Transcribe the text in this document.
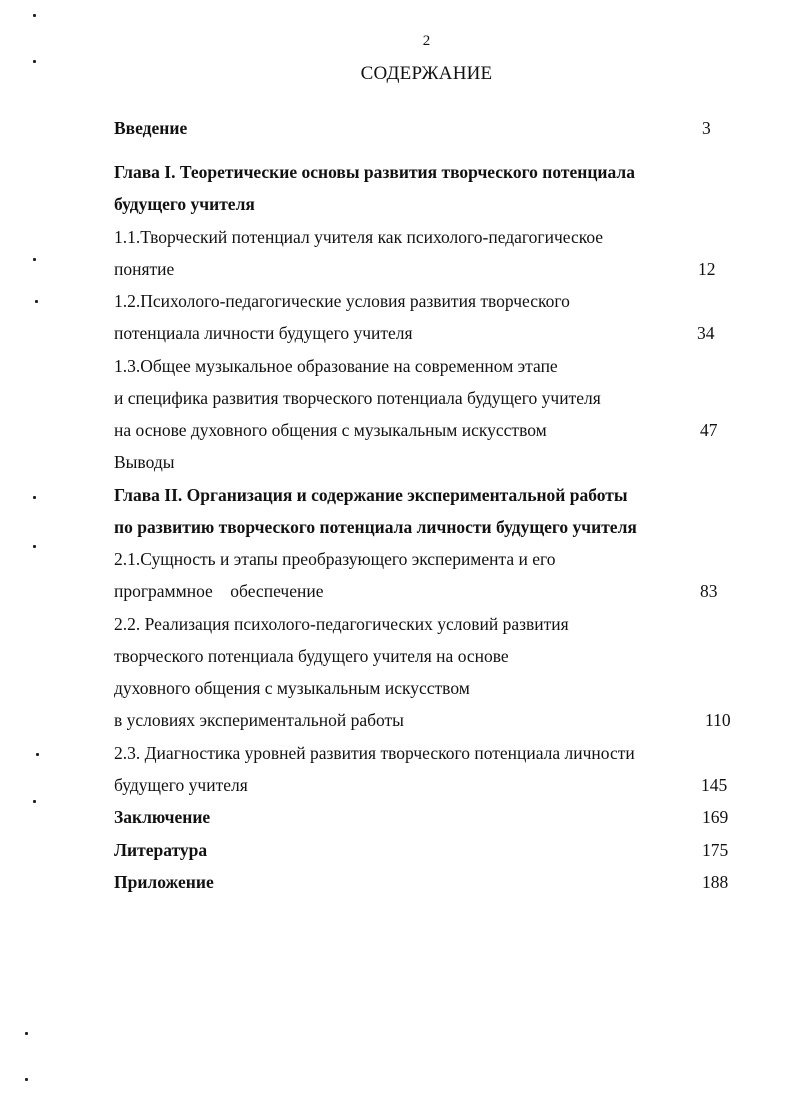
2
СОДЕРЖАНИЕ
Введение	3
Глава I. Теоретические основы развития творческого потенциала
будущего учителя
1.1.Творческий потенциал учителя как психолого-педагогическое
понятие	12
1.2.Психолого-педагогические условия развития творческого
потенциала личности будущего учителя	34
1.3.Общее музыкальное образование на современном этапе
и специфика развития творческого потенциала будущего учителя
на основе духовного общения с музыкальным искусством	47
Выводы
Глава II. Организация и содержание экспериментальной работы
по развитию творческого потенциала личности будущего учителя
2.1.Сущность и этапы преобразующего эксперимента и его
программное    обеспечение	83
2.2. Реализация психолого-педагогических условий развития
творческого потенциала будущего учителя на основе
духовного общения с музыкальным искусством
в условиях экспериментальной работы	110
2.3. Диагностика уровней развития творческого потенциала личности
будущего учителя	145
Заключение	169
Литература	175
Приложение	188
